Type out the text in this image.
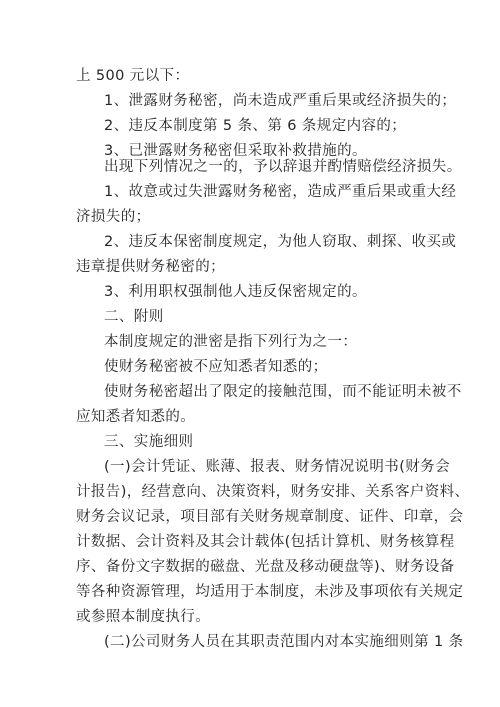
上 500 元以下：
1、泄露财务秘密，尚未造成严重后果或经济损失的；
2、违反本制度第 5 条、第 6 条规定内容的；
3、已泄露财务秘密但采取补救措施的。
出现下列情况之一的，予以辞退并酌情赔偿经济损失。
1、故意或过失泄露财务秘密，造成严重后果或重大经
济损失的；
2、违反本保密制度规定，为他人窃取、刺探、收买或
违章提供财务秘密的；
3、利用职权强制他人违反保密规定的。
二、附则
本制度规定的泄密是指下列行为之一：
使财务秘密被不应知悉者知悉的；
使财务秘密超出了限定的接触范围，而不能证明未被不
应知悉者知悉的。
三、实施细则
(一)会计凭证、账薄、报表、财务情况说明书(财务会
计报告)，经营意向、决策资料，财务安排、关系客户资料、
财务会议记录，项目部有关财务规章制度、证件、印章，会
计数据、会计资料及其会计载体(包括计算机、财务核算程
序、备份文字数据的磁盘、光盘及移动硬盘等)、财务设备
等各种资源管理，均适用于本制度，未涉及事项依有关规定
或参照本制度执行。
(二)公司财务人员在其职责范围内对本实施细则第 1 条
